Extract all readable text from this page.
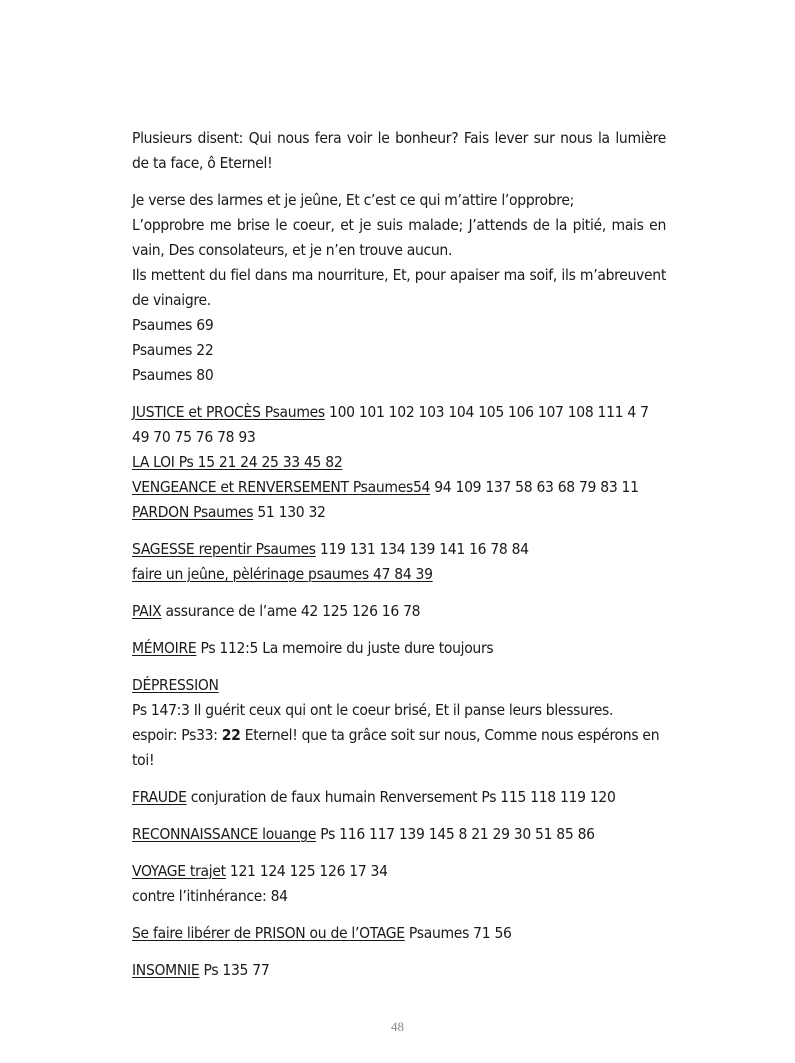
Plusieurs disent: Qui nous fera voir le bonheur? Fais lever sur nous la lumière de ta face, ô Eternel!

Je verse des larmes et je jeûne, Et c’est ce qui m’attire l’opprobre;

L’opprobre me brise le coeur, et je suis malade; J’attends de la pitié, mais en vain, Des consolateurs, et je n’en trouve aucun.

Ils mettent du fiel dans ma nourriture, Et, pour apaiser ma soif, ils m’abreuvent de vinaigre.

Psaumes 69

Psaumes 22

Psaumes 80

JUSTICE et PROCÈS Psaumes 100 101 102 103 104 105 106 107 108 111 4 7 49 70 75 76 78 93

LA LOI Ps 15 21 24 25 33 45 82

VENGEANCE et RENVERSEMENT Psaumes54 94 109 137 58 63 68 79 83 11

PARDON Psaumes 51 130 32

SAGESSE repentir Psaumes 119 131 134 139 141 16 78 84

faire un jeûne, pèlérinage psaumes 47 84 39

PAIX assurance de l’ame 42 125 126 16 78

MÉMOIRE Ps 112:5 La memoire du juste dure toujours

DÉPRESSION

Ps 147:3 Il guérit ceux qui ont le coeur brisé, Et il panse leurs blessures.

espoir: Ps33: 22 Eternel! que ta grâce soit sur nous, Comme nous espérons en toi!

FRAUDE conjuration de faux humain Renversement Ps 115 118 119 120

RECONNAISSANCE louange Ps 116 117 139 145 8 21 29 30 51 85 86

VOYAGE trajet 121 124 125 126 17 34

contre l’itinhérance: 84

Se faire libérer de PRISON ou de l’OTAGE Psaumes 71 56

INSOMNIE Ps 135 77

48
